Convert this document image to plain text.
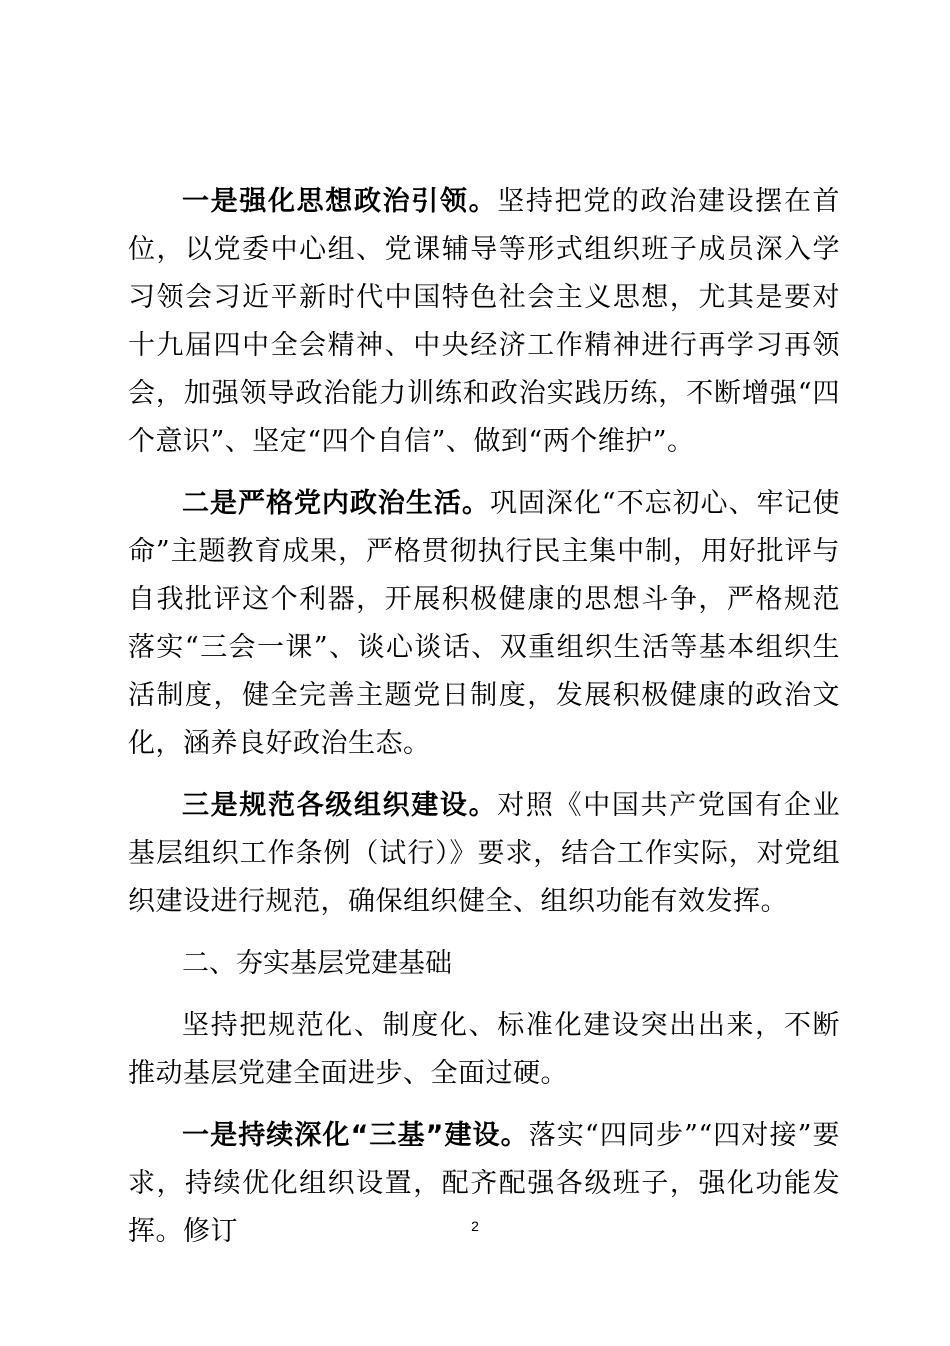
一是强化思想政治引领。坚持把党的政治建设摆在首位，以党委中心组、党课辅导等形式组织班子成员深入学习领会习近平新时代中国特色社会主义思想，尤其是要对十九届四中全会精神、中央经济工作精神进行再学习再领会，加强领导政治能力训练和政治实践历练，不断增强“四个意识”、坚定“四个自信”、做到“两个维护”。

二是严格党内政治生活。巩固深化“不忘初心、牢记使命”主题教育成果，严格贯彻执行民主集中制，用好批评与自我批评这个利器，开展积极健康的思想斗争，严格规范落实“三会一课”、谈心谈话、双重组织生活等基本组织生活制度，健全完善主题党日制度，发展积极健康的政治文化，涵养良好政治生态。

三是规范各级组织建设。对照《中国共产党国有企业基层组织工作条例（试行）》要求，结合工作实际，对党组织建设进行规范，确保组织健全、组织功能有效发挥。

二、夯实基层党建基础

坚持把规范化、制度化、标准化建设突出出来，不断推动基层党建全面进步、全面过硬。

一是持续深化“三基”建设。落实“四同步”“四对接”要求，持续优化组织设置，配齐配强各级班子，强化功能发挥。修订	2
